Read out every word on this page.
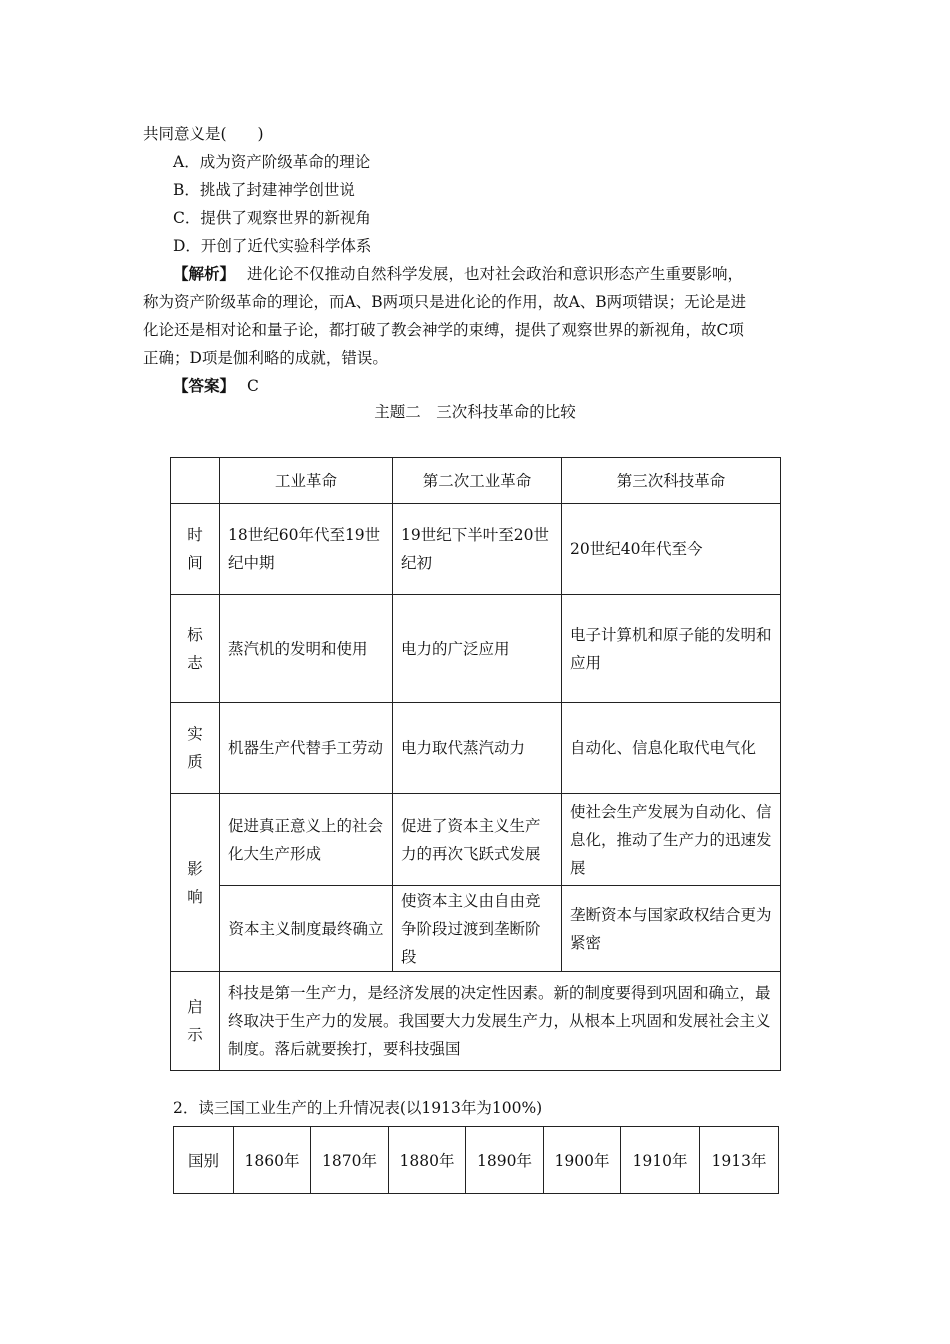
共同意义是(　　)
A．成为资产阶级革命的理论
B．挑战了封建神学创世说
C．提供了观察世界的新视角
D．开创了近代实验科学体系
【解析】 进化论不仅推动自然科学发展，也对社会政治和意识形态产生重要影响，
称为资产阶级革命的理论，而A、B两项只是进化论的作用，故A、B两项错误；无论是进
化论还是相对论和量子论，都打破了教会神学的束缚，提供了观察世界的新视角，故C项
正确；D项是伽利略的成就，错误。
【答案】 C
主题二　三次科技革命的比较
	工业革命	第二次工业革命	第三次科技革命

时间	18世纪60年代至19世纪中期	19世纪下半叶至20世纪初	20世纪40年代至今

标志	蒸汽机的发明和使用	电力的广泛应用	电子计算机和原子能的发明和应用

实质	机器生产代替手工劳动	电力取代蒸汽动力	自动化、信息化取代电气化

影响	促进真正意义上的社会化大生产形成	促进了资本主义生产力的再次飞跃式发展	使社会生产发展为自动化、信息化，推动了生产力的迅速发展
	资本主义制度最终确立	使资本主义由自由竞争阶段过渡到垄断阶段	垄断资本与国家政权结合更为紧密

启示	科技是第一生产力，是经济发展的决定性因素。新的制度要得到巩固和确立，最终取决于生产力的发展。我国要大力发展生产力，从根本上巩固和发展社会主义制度。落后就要挨打，要科技强国		
2．读三国工业生产的上升情况表(以1913年为100%)
国别	1860年	1870年	1880年	1890年	1900年	1910年	1913年
